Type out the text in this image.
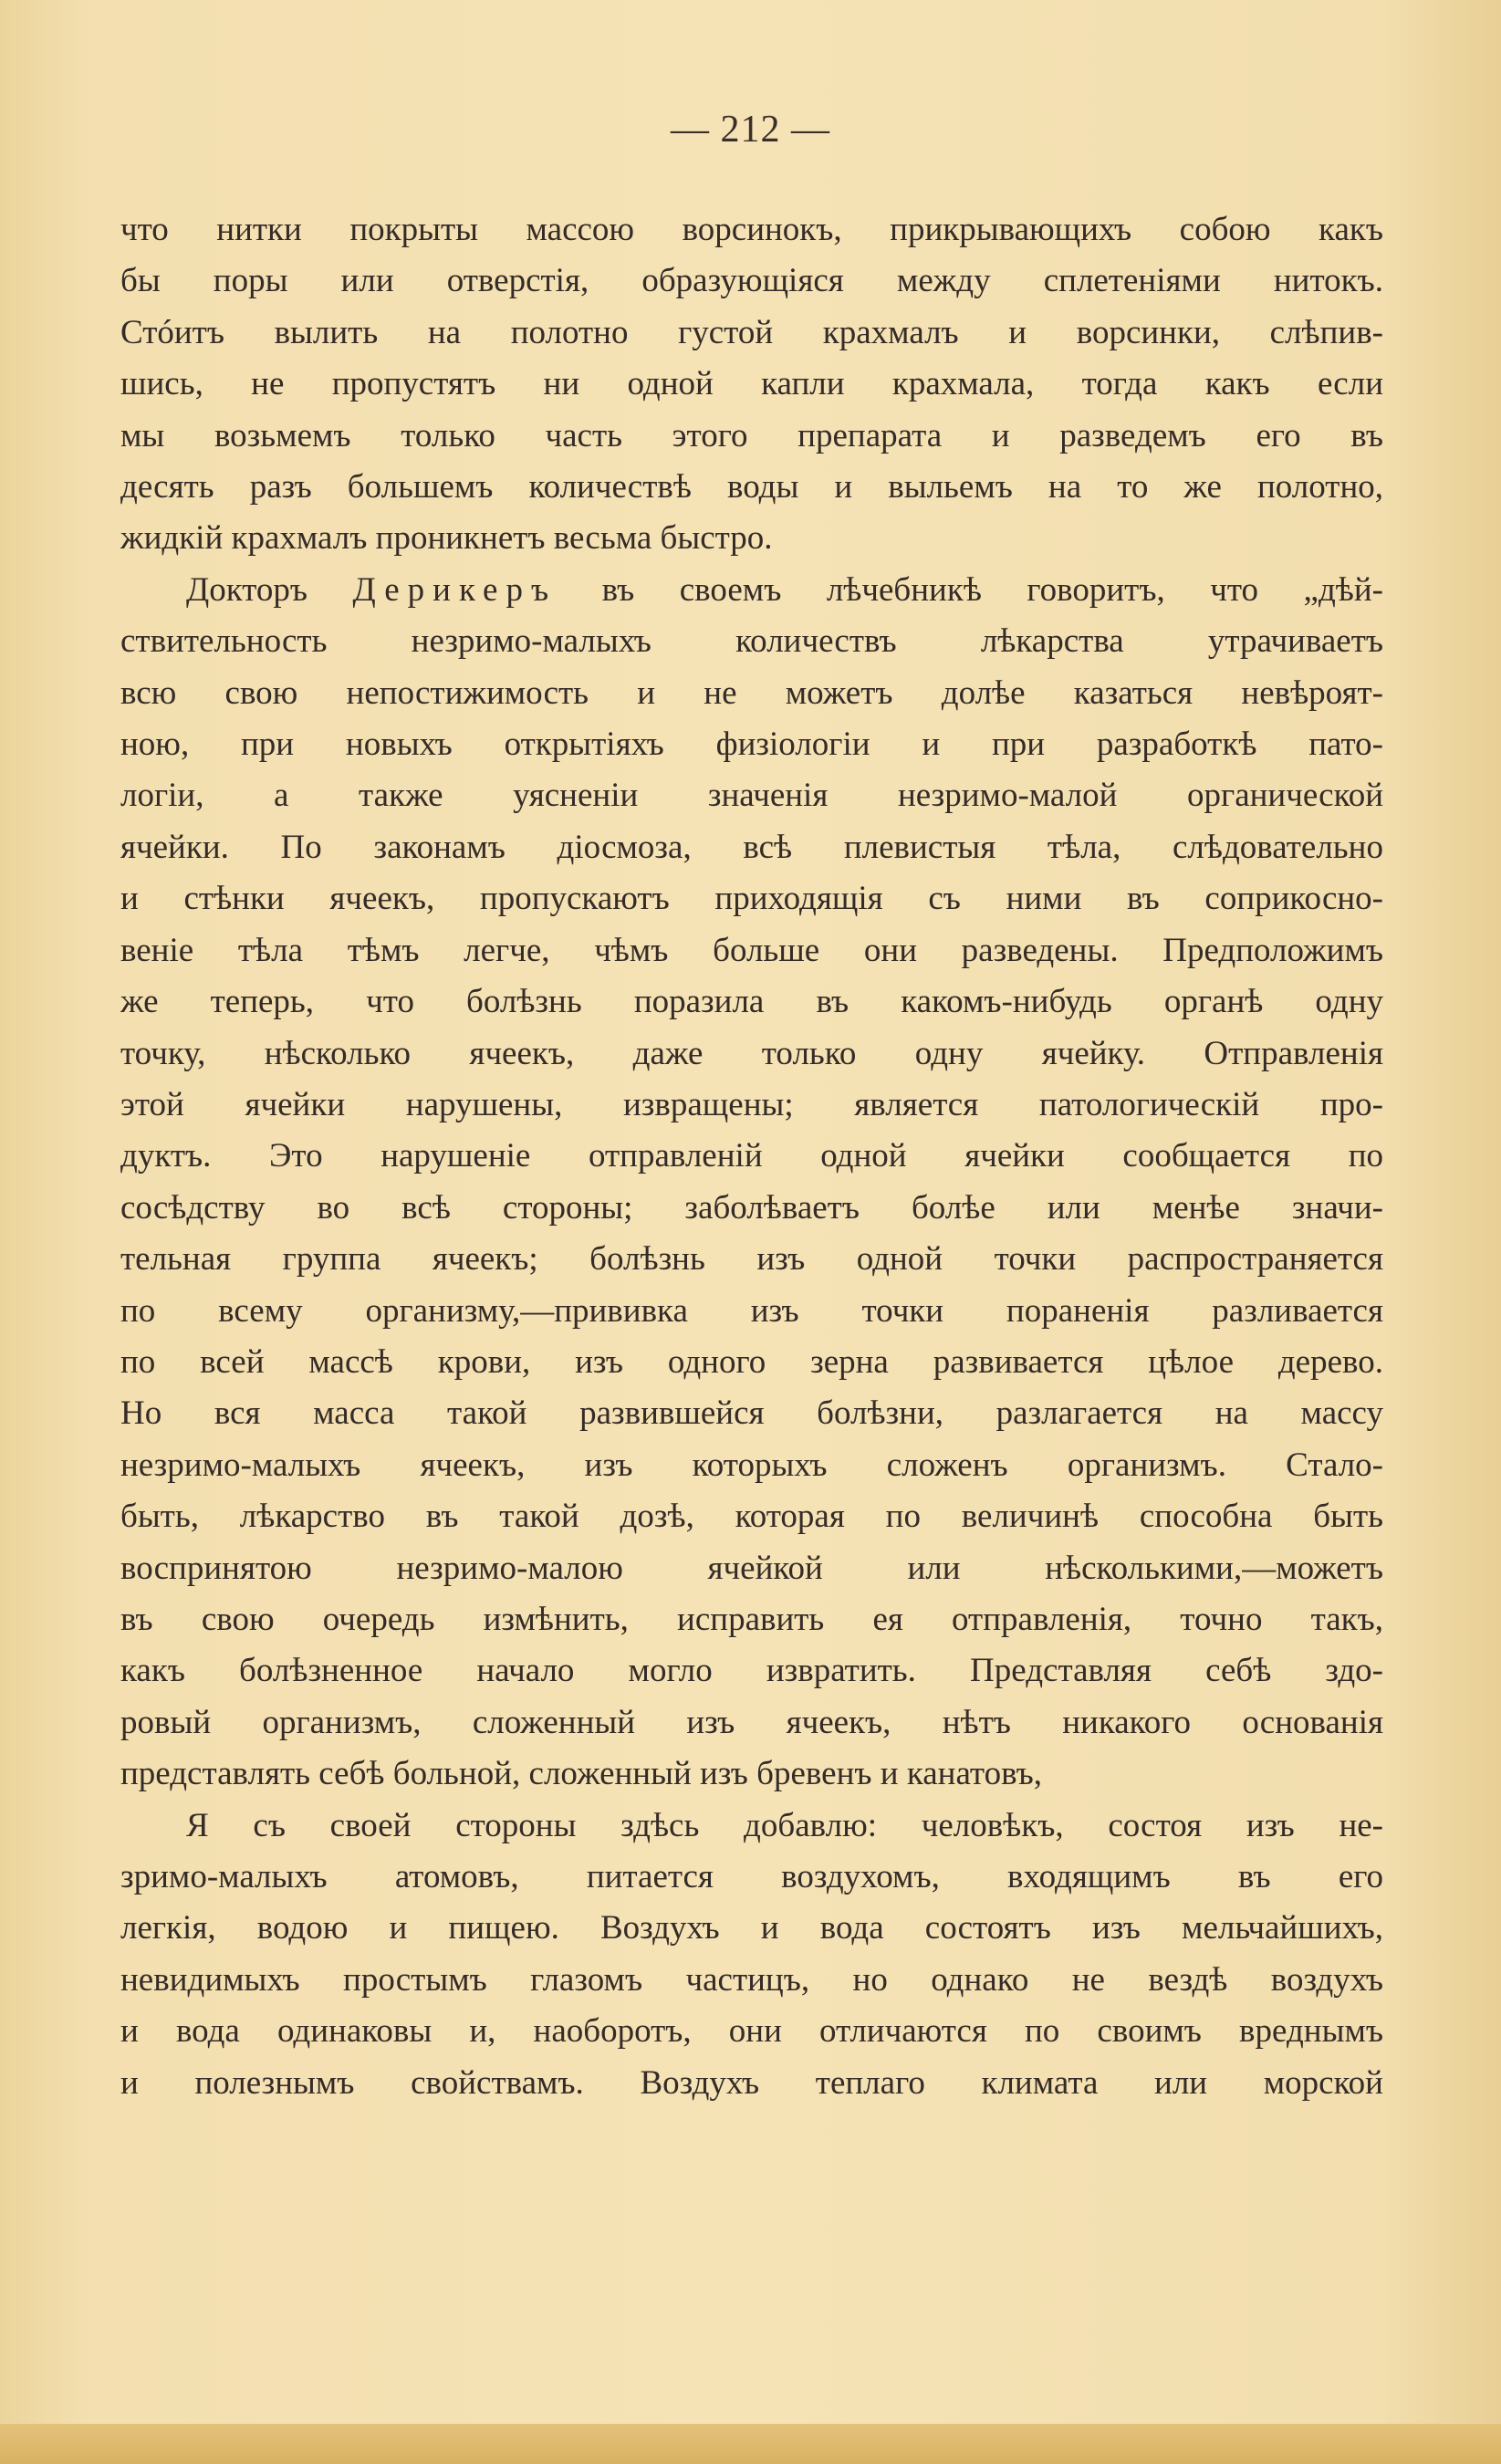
— 212 —
что нитки покрыты массою ворсинокъ, прикрывающихъ собою какъ
бы поры или отверстія, образующіяся между сплетеніями нитокъ.
Стóитъ вылить на полотно густой крахмалъ и ворсинки, слѣпив-
шись, не пропустятъ ни одной капли крахмала, тогда какъ если
мы возьмемъ только часть этого препарата и разведемъ его въ
десять разъ большемъ количествѣ воды и выльемъ на то же полотно,
жидкій крахмалъ проникнетъ весьма быстро.
Докторъ Дерикеръ въ своемъ лѣчебникѣ говоритъ, что „дѣй-
ствительность незримо-малыхъ количествъ лѣкарства утрачиваетъ
всю свою непостижимость и не можетъ долѣе казаться невѣроят-
ною, при новыхъ открытіяхъ физіологіи и при разработкѣ пато-
логіи, а также уясненіи значенія незримо-малой органической
ячейки. По законамъ діосмоза, всѣ плевистыя тѣла, слѣдовательно
и стѣнки ячеекъ, пропускаютъ приходящія съ ними въ соприкосно-
веніе тѣла тѣмъ легче, чѣмъ больше они разведены. Предположимъ
же теперь, что болѣзнь поразила въ какомъ-нибудь органѣ одну
точку, нѣсколько ячеекъ, даже только одну ячейку. Отправленія
этой ячейки нарушены, извращены; является патологическій про-
дуктъ. Это нарушеніе отправленій одной ячейки сообщается по
сосѣдству во всѣ стороны; заболѣваетъ болѣе или менѣе значи-
тельная группа ячеекъ; болѣзнь изъ одной точки распространяется
по всему организму,—прививка изъ точки пораненія разливается
по всей массѣ крови, изъ одного зерна развивается цѣлое дерево.
Но вся масса такой развившейся болѣзни, разлагается на массу
незримо-малыхъ ячеекъ, изъ которыхъ сложенъ организмъ. Стало-
быть, лѣкарство въ такой дозѣ, которая по величинѣ способна быть
воспринятою незримо-малою ячейкой или нѣсколькими,—можетъ
въ свою очередь измѣнить, исправить ея отправленія, точно такъ,
какъ болѣзненное начало могло извратить. Представляя себѣ здо-
ровый организмъ, сложенный изъ ячеекъ, нѣтъ никакого основанія
представлять себѣ больной, сложенный изъ бревенъ и канатовъ,
Я съ своей стороны здѣсь добавлю: человѣкъ, состоя изъ не-
зримо-малыхъ атомовъ, питается воздухомъ, входящимъ въ его
легкія, водою и пищею. Воздухъ и вода состоятъ изъ мельчайшихъ,
невидимыхъ простымъ глазомъ частицъ, но однако не вездѣ воздухъ
и вода одинаковы и, наоборотъ, они отличаются по своимъ вреднымъ
и полезнымъ свойствамъ. Воздухъ теплаго климата или морской
